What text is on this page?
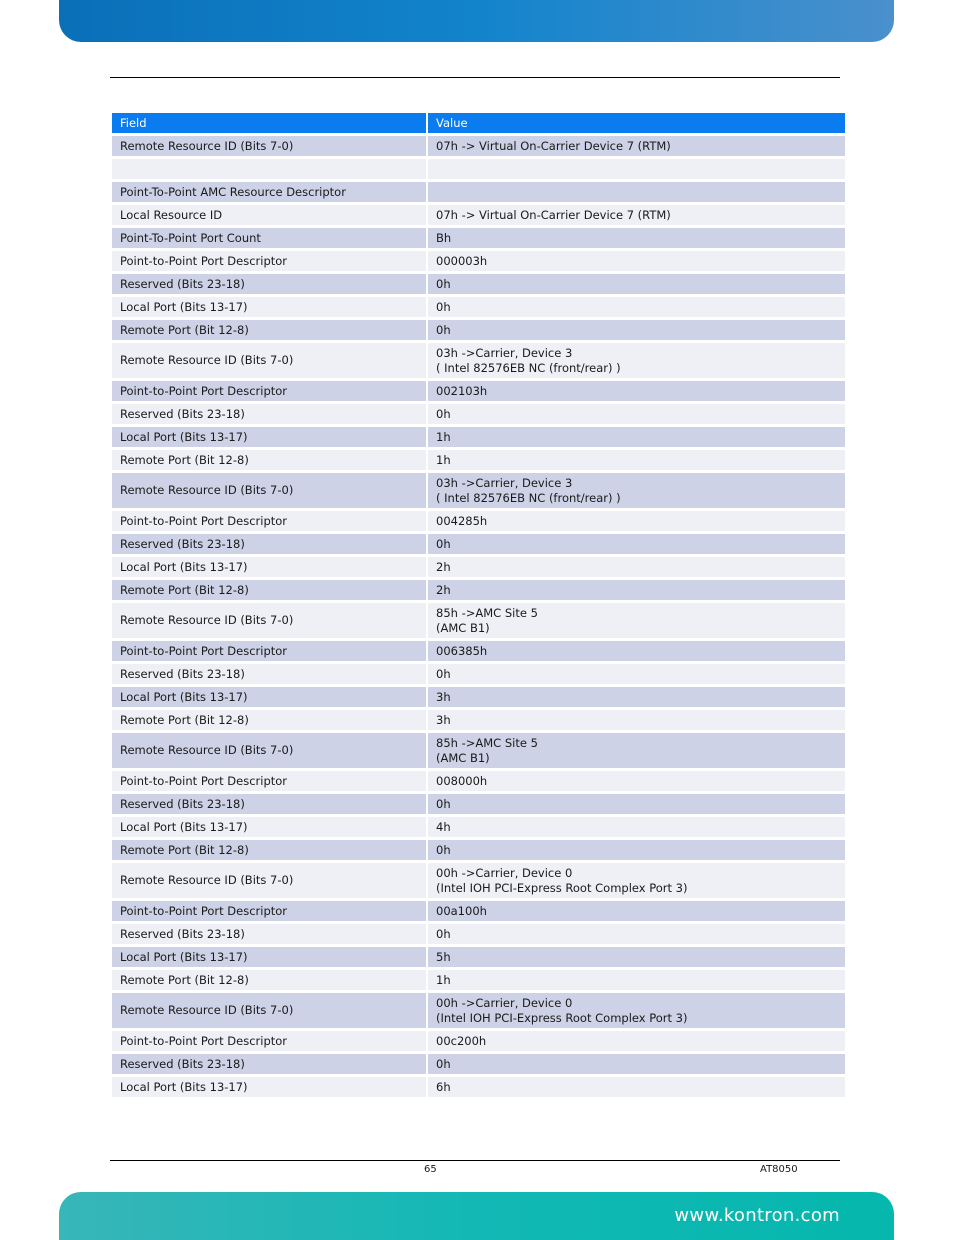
Field	Value
Remote Resource ID (Bits 7-0)	07h -> Virtual On-Carrier Device 7 (RTM)

Point-To-Point AMC Resource Descriptor	

Local Resource ID	07h -> Virtual On-Carrier Device 7 (RTM)

Point-To-Point Port Count	Bh

Point-to-Point Port Descriptor	000003h

Reserved (Bits 23-18)	0h

Local Port (Bits 13-17)	0h

Remote Port (Bit 12-8)	0h

Remote Resource ID (Bits 7-0)	03h ->Carrier, Device 3
( Intel 82576EB NC (front/rear) )

Point-to-Point Port Descriptor	002103h

Reserved (Bits 23-18)	0h

Local Port (Bits 13-17)	1h

Remote Port (Bit 12-8)	1h

Remote Resource ID (Bits 7-0)	03h ->Carrier, Device 3
( Intel 82576EB NC (front/rear) )

Point-to-Point Port Descriptor	004285h

Reserved (Bits 23-18)	0h

Local Port (Bits 13-17)	2h

Remote Port (Bit 12-8)	2h

Remote Resource ID (Bits 7-0)	85h ->AMC Site 5
(AMC B1)

Point-to-Point Port Descriptor	006385h

Reserved (Bits 23-18)	0h

Local Port (Bits 13-17)	3h

Remote Port (Bit 12-8)	3h

Remote Resource ID (Bits 7-0)	85h ->AMC Site 5
(AMC B1)

Point-to-Point Port Descriptor	008000h

Reserved (Bits 23-18)	0h

Local Port (Bits 13-17)	4h

Remote Port (Bit 12-8)	0h

Remote Resource ID (Bits 7-0)	00h ->Carrier, Device 0
(Intel IOH PCI-Express Root Complex Port 3)

Point-to-Point Port Descriptor	00a100h

Reserved (Bits 23-18)	0h

Local Port (Bits 13-17)	5h

Remote Port (Bit 12-8)	1h

Remote Resource ID (Bits 7-0)	00h ->Carrier, Device 0
(Intel IOH PCI-Express Root Complex Port 3)

Point-to-Point Port Descriptor	00c200h

Reserved (Bits 23-18)	0h

Local Port (Bits 13-17)	6h
65	AT8050
www.kontron.com
